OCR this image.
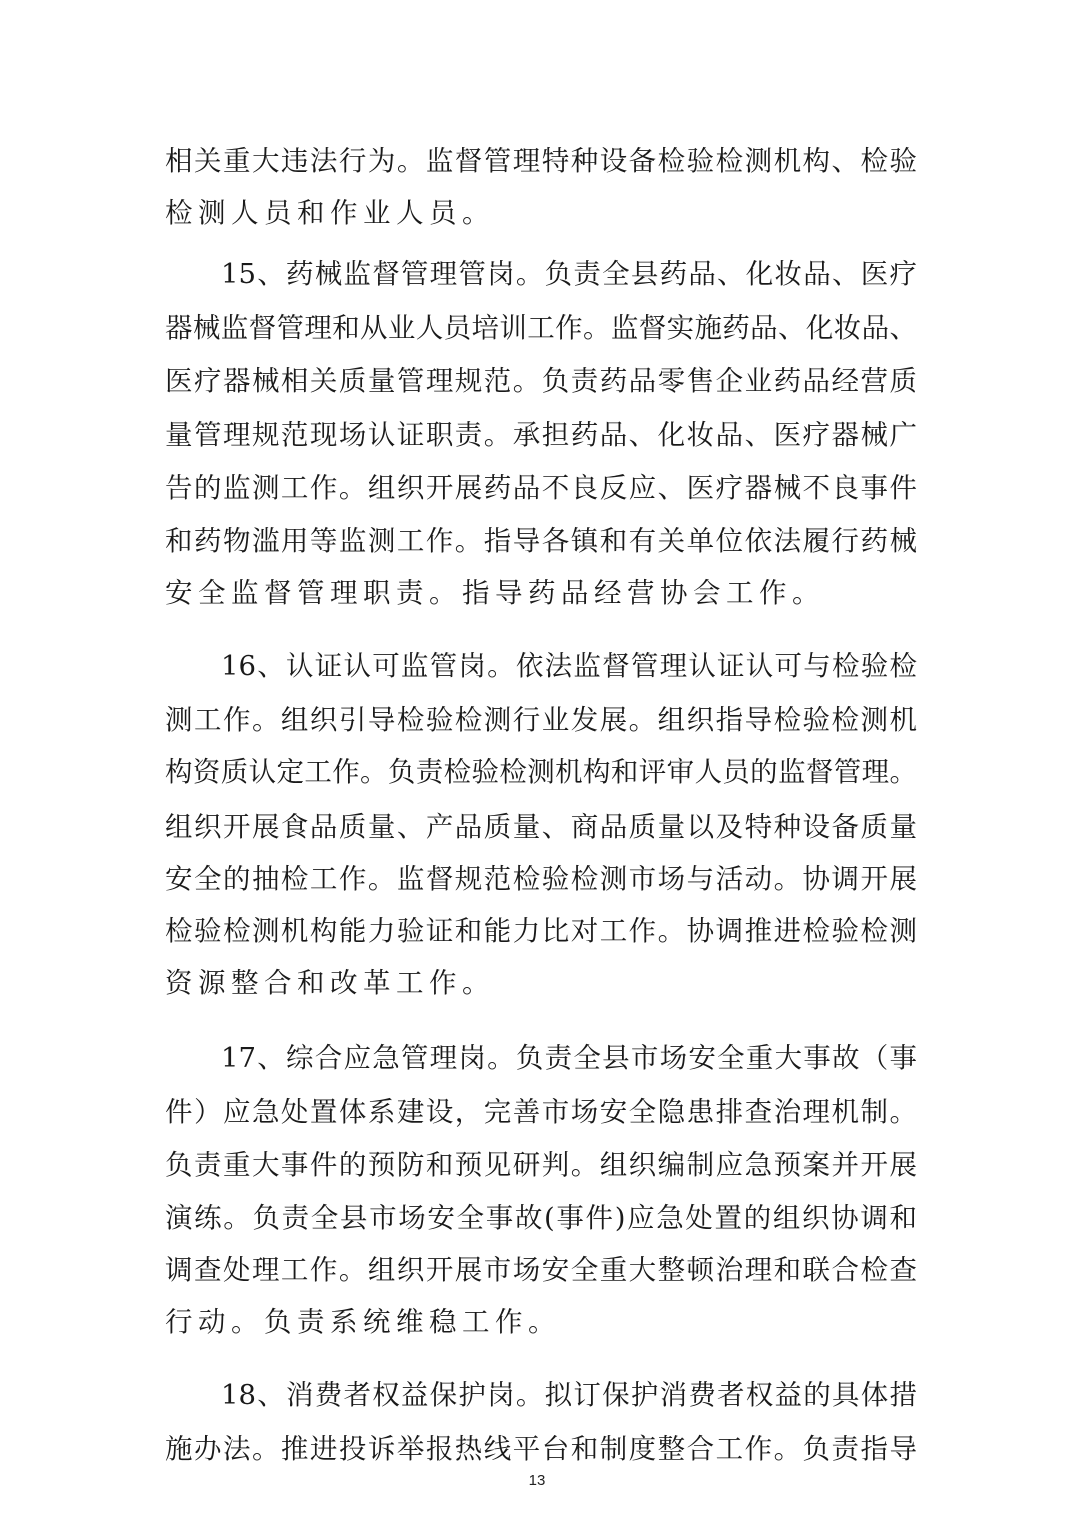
相关重大违法行为。监督管理特种设备检验检测机构、检验
检测人员和作业人员。
15、药械监督管理管岗。负责全县药品、化妆品、医疗
器械监督管理和从业人员培训工作。监督实施药品、化妆品、
医疗器械相关质量管理规范。负责药品零售企业药品经营质
量管理规范现场认证职责。承担药品、化妆品、医疗器械广
告的监测工作。组织开展药品不良反应、医疗器械不良事件
和药物滥用等监测工作。指导各镇和有关单位依法履行药械
安全监督管理职责。指导药品经营协会工作。
16、认证认可监管岗。依法监督管理认证认可与检验检
测工作。组织引导检验检测行业发展。组织指导检验检测机
构资质认定工作。负责检验检测机构和评审人员的监督管理。
组织开展食品质量、产品质量、商品质量以及特种设备质量
安全的抽检工作。监督规范检验检测市场与活动。协调开展
检验检测机构能力验证和能力比对工作。协调推进检验检测
资源整合和改革工作。
17、综合应急管理岗。负责全县市场安全重大事故（事
件）应急处置体系建设，完善市场安全隐患排查治理机制。
负责重大事件的预防和预见研判。组织编制应急预案并开展
演练。负责全县市场安全事故(事件)应急处置的组织协调和
调查处理工作。组织开展市场安全重大整顿治理和联合检查
行动。负责系统维稳工作。
18、消费者权益保护岗。拟订保护消费者权益的具体措
施办法。推进投诉举报热线平台和制度整合工作。负责指导
13
